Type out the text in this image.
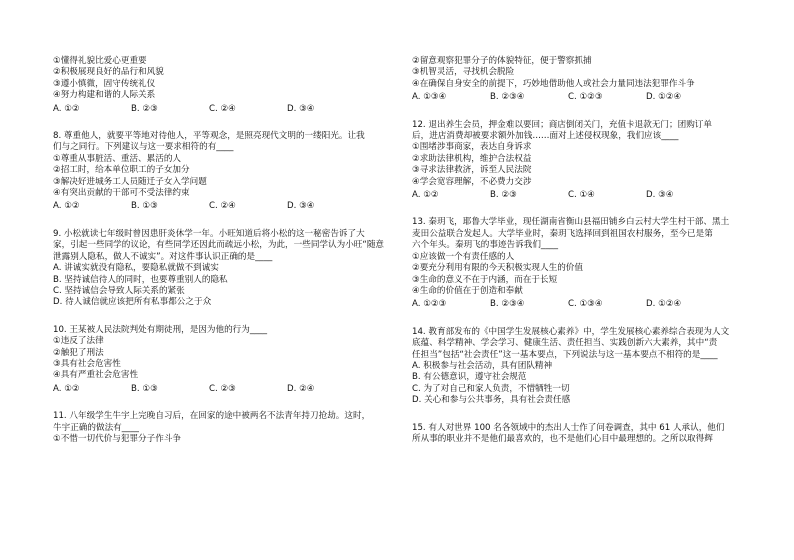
①懂得礼貌比爱心更重要
②积极展现良好的品行和风貌
③遵小慎微，固守传统礼仪
④努力构建和谐的人际关系
A. ①②	B. ②③	C. ②④	D. ③④
8. 尊重他人，就要平等地对待他人，平等观念，是照亮现代文明的一缕阳光。让我
们与之同行。下列建议与这一要求相符的有____
①尊重从事脏活、重活、累活的人
②招工时，给本单位职工的子女加分
③解决好进城务工人员随迁子女入学问题
④有突出贡献的干部可不受法律约束
A. ①②	B. ①③	C. ②④	D. ③④
9. 小松就读七年级时曾因患肝炎休学一年。小旺知道后将小松的这一秘密告诉了大
家，引起一些同学的议论，有些同学还因此而疏远小松，为此，一些同学认为小旺“随意
泄露别人隐私，做人不诚实”。对这件事认识正确的是____
A. 讲诚实就没有隐私，要隐私就做不到诚实
B. 坚持诚信待人的同时，也要尊重别人的隐私
C. 坚持诚信会导致人际关系的紧张
D. 待人诚信就应该把所有私事都公之于众
10. 王某被人民法院判处有期徒刑，是因为他的行为____
①违反了法律
②触犯了刑法
③具有社会危害性
④具有严重社会危害性
A. ①②	B. ①③	C. ②③	D. ②④
11. 八年级学生牛宇上完晚自习后，在回家的途中被两名不法青年持刀抢劫。这时，
牛宇正确的做法有____
①不惜一切代价与犯罪分子作斗争
②留意观察犯罪分子的体貌特征，便于警察抓捕
③机智灵活，寻找机会脱险
④在确保自身安全的前提下，巧妙地借助他人或社会力量同违法犯罪作斗争
A. ①③④	B. ②③④	C. ①②③	D. ①②④
12. 退出养生会员，押金难以要回；商店倒闭关门，充值卡退款无门；团购订单
后，进店消费却被要求额外加钱……面对上述侵权现象，我们应该____
①围堵涉事商家，表达自身诉求
②求助法律机构，维护合法权益
③寻求法律救济，诉至人民法院
④学会宽容理解，不必费力交涉
A. ①②	B. ②③	C. ①④	D. ③④
13. 秦玥飞，耶鲁大学毕业，现任湖南省衡山县福田铺乡白云村大学生村干部、黑土
麦田公益联合发起人。大学毕业时，秦玥飞选择回到祖国农村服务，至今已是第
六个年头。秦玥飞的事迹告诉我们____
①应该做一个有责任感的人
②要充分利用有限的今天积极实现人生的价值
③生命的意义不在于内涵，而在于长短
④生命的价值在于创造和奉献
A. ①②③	B. ②③④	C. ①③④	D. ①②④
14. 教育部发布的《中国学生发展核心素养》中，学生发展核心素养综合表现为人文
底蕴、科学精神、学会学习、健康生活、责任担当、实践创新六大素养，其中“责
任担当”包括“社会责任”这一基本要点，下列说法与这一基本要点不相符的是____
A. 积极参与社会活动，具有团队精神
B. 有公德意识，遵守社会规范
C. 为了对自己和家人负责，不惜牺牲一切
D. 关心和参与公共事务，具有社会责任感
15. 有人对世界 100 名各领域中的杰出人士作了问卷调查，其中 61 人承认，他们
所从事的职业并不是他们最喜欢的，也不是他们心目中最理想的。之所以取得辉
